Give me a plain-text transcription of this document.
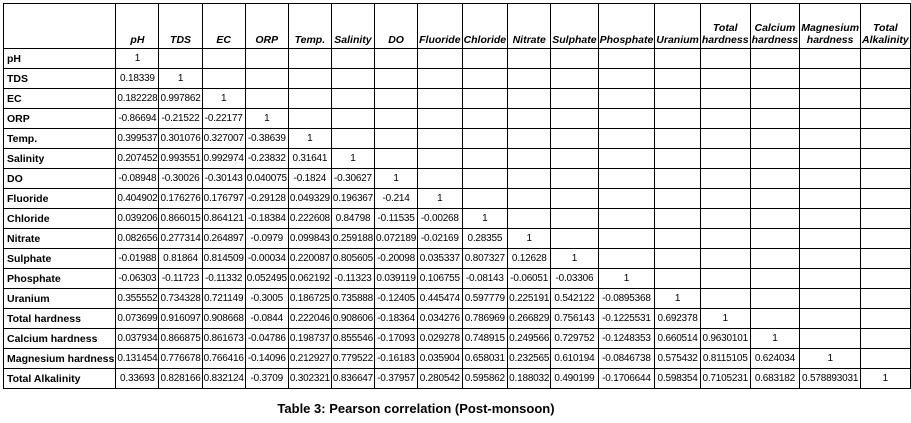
	pH	TDS	EC	ORP	Temp.	Salinity	DO	Fluoride	Chloride	Nitrate	Sulphate	Phosphate	Uranium	Total hardness	Calcium hardness	Magnesium hardness	Total Alkalinity
pH	1																
TDS	0.18339	1															
EC	0.182228	0.997862	1														
ORP	-0.86694	-0.21522	-0.22177	1													
Temp.	0.399537	0.301076	0.327007	-0.38639	1												
Salinity	0.207452	0.993551	0.992974	-0.23832	0.31641	1											
DO	-0.08948	-0.30026	-0.30143	0.040075	-0.1824	-0.30627	1										
Fluoride	0.404902	0.176276	0.176797	-0.29128	0.049329	0.196367	-0.214	1									
Chloride	0.039206	0.866015	0.864121	-0.18384	0.222608	0.84798	-0.11535	-0.00268	1								
Nitrate	0.082656	0.277314	0.264897	-0.0979	0.099843	0.259188	0.072189	-0.02169	0.28355	1							
Sulphate	-0.01988	0.81864	0.814509	-0.00034	0.220087	0.805605	-0.20098	0.035337	0.807327	0.12628	1						
Phosphate	-0.06303	-0.11723	-0.11332	0.052495	0.062192	-0.11323	0.039119	0.106755	-0.08143	-0.06051	-0.03306	1					
Uranium	0.355552	0.734328	0.721149	-0.3005	0.186725	0.735888	-0.12405	0.445474	0.597779	0.225191	0.542122	-0.0895368	1				
Total hardness	0.073699	0.916097	0.908668	-0.0844	0.222046	0.908606	-0.18364	0.034276	0.786969	0.266829	0.756143	-0.1225531	0.692378	1			
Calcium hardness	0.037934	0.866875	0.861673	-0.04786	0.198737	0.855546	-0.17093	0.029278	0.748915	0.249566	0.729752	-0.1248353	0.660514	0.9630101	1		
Magnesium hardness	0.131454	0.776678	0.766416	-0.14096	0.212927	0.779522	-0.16183	0.035904	0.658031	0.232565	0.610194	-0.0846738	0.575432	0.8115105	0.624034	1	
Total Alkalinity	0.33693	0.828166	0.832124	-0.3709	0.302321	0.836647	-0.37957	0.280542	0.595862	0.188032	0.490199	-0.1706644	0.598354	0.7105231	0.683182	0.578893031	1
Table 3: Pearson correlation (Post-monsoon)
